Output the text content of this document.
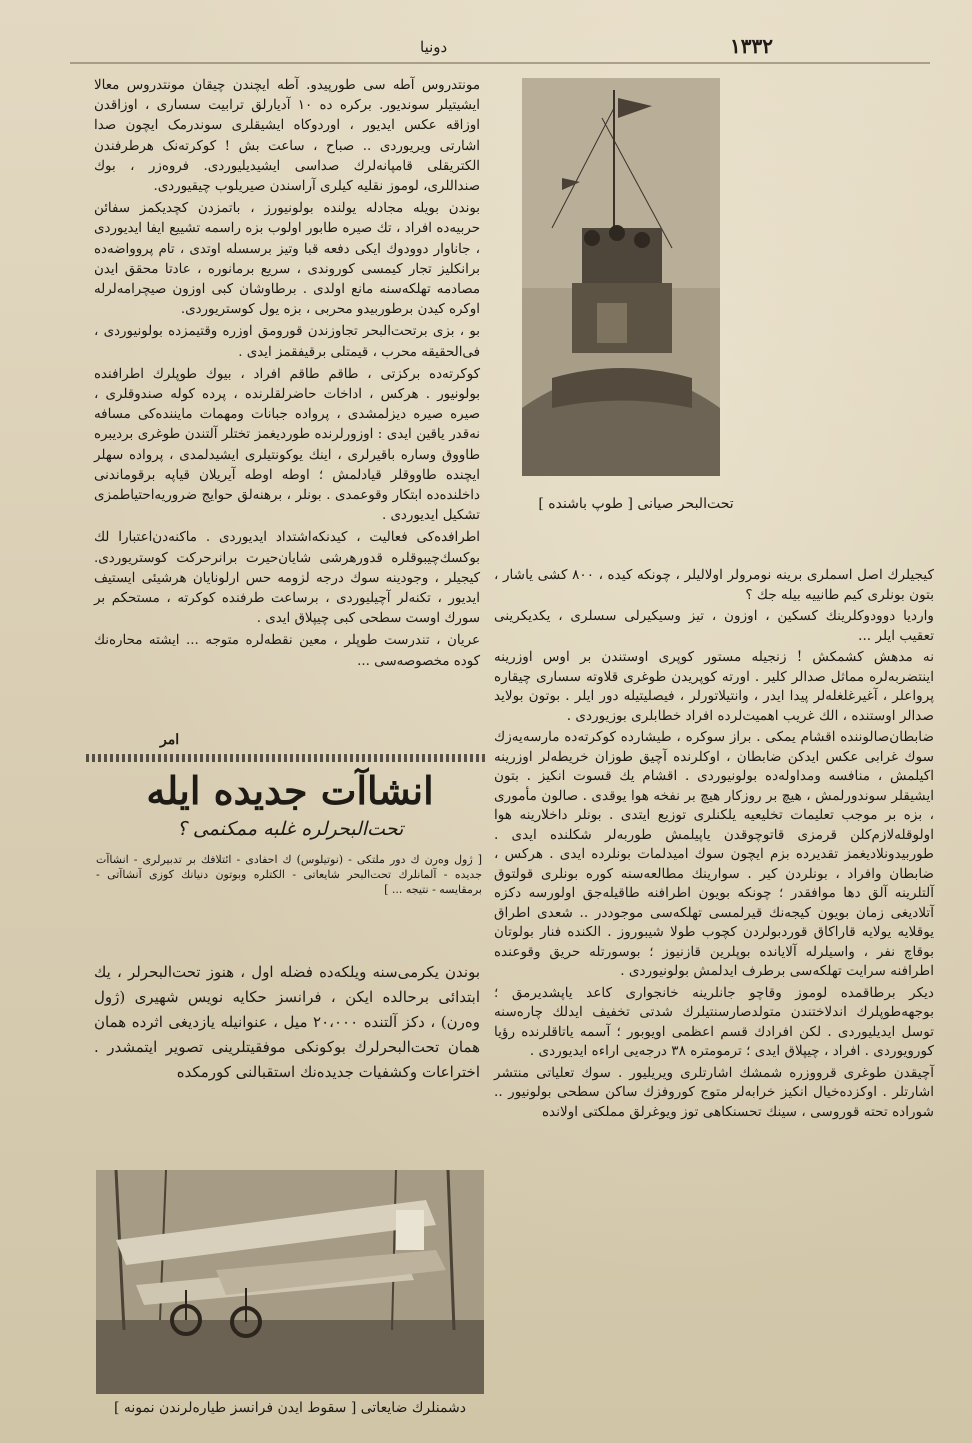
١٣٣٢
دونيا

مونتدروس آطه سی طورپیدو. آطه ایچندن چیقان مونتدروس معالا ایشیتیلر سوندیور. برکره ده ۱۰ آدیارلق ترابیت سساری ، اوزاقدن اوزاقه عکس ایدیور ، اوردوکاه ایشیقلری سوندرمک ایچون صدا اشارتی ویریوردی .. صباح ، ساعت بش ! کوکرته‌نک هرطرفندن الکتریقلی قامپانه‌لرك صداسی ایشیدیلیوردی. فروه‌زر ، بوك صنداللری، لوموز نقلیه کیلری آراسندن صیریلوب چیقیوردی.

بوندن بویله مجادله یولنده بولونیورز ، باتمزدن کچدیکمز سفائن حربیه‌ده افراد ، تك صیره طابور اولوب بزه راسمه تشییع ایفا ایدیوردی ، جاناوار دوودوك ایکی دفعه قبا وتیز برسسله اوتدی ، تام پروواضه‌ده برانکلیز تجار کیمسی کوروندی ، سریع برمانوره ، عادتا محقق ایدن مصادمه تهلکه‌سنه مانع اولدی . برطاوشان کبی اوزون صیچرامه‌لرله اوکره کیدن برطوربیدو محربی ، بزه یول کوستریوردی.

بو ، بزی برتحت‌البحر تجاوزندن قورومق اوزره وقتیمزده بولونیوردی ، فی‌الحقیقه محرب ، قیمتلی برقیفقمز ایدی .

کوکرته‌ده برکزتی ، طاقم طاقم افراد ، بیوك طوپلرك اطرافنده بولونیور . هرکس ، اداخات حاضرلقلرنده ، پرده کوله صندوقلری ، صیره صیره دیزلمشدی ، پرواده جبانات ومهمات مایننده‌کی مسافه نه‌قدر یاقین ایدی : اوزورلرنده طوردیغمز تختلر آلتندن طوغری بردیبره طاووق وساره باقیرلری ، اینك یوکونتیلری ایشیدلمدی ، پرواده سهلر ایچنده طاووقلر قیادلمش ؛ اوطه اوطه آیریلان قیاپه برقوماندنی داخلنده‌ده ابتکار وقوعمدی . بونلر ، برهنه‌لق حوایج ضروریه‌احتیاطمزی تشکیل ایدیوردی .

اطرافده‌کی فعالیت ، کیدنکه‌اشتداد ایدیوردی . ماکنه‌دن‌اعتبارا لك بوکسك‌چیبوقلره قدورهرشی شایان‌حیرت برانرحرکت کوستریوردی. کیجیلر ، وجودینه سوك درجه لزومه حس ارلونایان هرشیئی ایستیف ایدیور ، تکنه‌لر آچیلیوردی ، برساعت طرفنده کوکرته ، مستحکم بر سورك اوست سطحی کبی چیپلاق ایدی .

عریان ، تندرست طوپلر ، معین نقطه‌لره متوجه ... ایشته محاره‌نك کوده مخصوصه‌سی ...

امر
انشاآت جدیده ایله
تحت‌البحرلره غلبه ممکنمی ؟
[ ژول وه‌رن ك دور ملتکی - (نوتیلوس) ك احفادی - ائتلافك بر تدبیرلری - انشاآت جدیده - آلمانلرك تحت‌البحر شایعاتی - الکتلره وبوتون دنیانك کوزی آنشاآتی - برمقایسه - نتیجه ... ]

بوندن یکرمی‌سنه ویلکه‌ده فضله اول ، هنوز تحت‌البحرلر ، یك ابتدائی برحالده ایکن ، فرانسز حکایه نویس شهیری (ژول وه‌رن) ، دکز آلتنده ۲۰،۰۰۰ میل ، عنوانیله یازدیغی اثرده همان همان تحت‌البحرلرك بوکونکی موفقیتلرینی تصویر ایتمشدر . اختراعات وکشفیات جدیده‌نك استقبالنی کورمکده

تحت‌البحر صیانی [ طوپ باشنده ]

کیجیلرك اصل اسملری برینه نومرولر اولالیلر ، چونکه کیده ، ۸۰۰ کشی یاشار ، بتون بونلری کیم طانییه بیله جك ؟

واردیا دوودوکلرینك کسکین ، اوزون ، تیز وسیکیرلی سسلری ، یکدیکرینی تعقیب ایلر ...

نه مدهش کشمکش ! زنجیله مستور کوپری اوستندن بر اوس اوزرینه اینتضربه‌لره مماثل صدالر کلیر . اورته کوپریدن طوغری قلاوته سساری چیقاره پرواعلر ، آغیرغلغله‌لر پیدا ایدر ، وانتیلاتورلر ، فیصلیتیله دور ایلر . بوتون بولاید صدالر اوستنده ، الك غریب اهمیت‌لرده افراد خطابلری بوزیوردی .

ضابطان‌صالوننده اقشام یمکی . براز سوکره ، طیشارده کوکرته‌ده مارسه‌یه‌زك سوك غرابی عکس ایدکن ضابطان ، اوکلرنده آچیق طوزان خریطه‌لر اوزرینه اکیلمش ، منافسه ومداوله‌ده بولونیوردی . اقشام یك قسوت انکیز . بتون ایشیقلر سوندورلمش ، هیچ بر روزکار هیچ بر نفخه هوا یوقدی . صالون مأموری ، بزه بر موجب تعلیمات تخلیعیه یلکنلری توزیع ایتدی . بونلر داخلارینه هوا اولوقله‌لازم‌کلن قرمزی قاتوچوقدن یاپیلمش طوربه‌لر شکلنده ایدی . طوربیدونلادیغمز تقدیرده بزم ایچون سوك امیدلمات بونلرده ایدی . هرکس ، ضابطان وافراد ، بونلردن کیر . سوارینك مطالعه‌سنه کوره بونلری قولتوق آلتلرینه آلق دها موافقدر ؛ چونکه بویون اطرافنه طاقیله‌جق اولورسه دکزه آتلادیغی زمان بویون کیجه‌نك قیرلمسی تهلکه‌سی موجوددر .. شعدی اطراق یوقلایه یولایه قاراکاق قوردبولردن کچوب طولا شیبوروز . الکنده فنار بولوتان بوقاچ نفر ، واسیلرله آلایانده بوپلرین قازنیوز ؛ بوسورتله حریق وقوعنده اطرافنه سرایت تهلکه‌سی برطرف ایدلمش بولونیوردی .

دیکر برطاقمده لوموز وقاچو جانلرینه خانجواری کاعد یاپشدیرمق ؛ بوجهه‌طوپلرك اندلاختندن متولدصارسنتیلرك شدتی تخفیف ایدلك چاره‌سنه توسل ایدیلیوردی . لکن افرادك قسم اعظمی اویوبور ؛ آسمه یاتاقلرنده رؤیا کورویوردی . افراد ، چیپلاق ایدی ؛ ترمومتره ۳۸ درجه‌یی اراءه ایدیوردی .

آچیقدن طوغری قرووزره شمشك اشارتلری ویریلیور . سوك تعلیاتی منتشر اشارتلر . اوکزده‌خیال انکیز خرابه‌لر متوج کوروفزك ساکن سطحی بولونیور .. شوراده تحته قوروسی ، سینك تحسنکاهی توز ویوغرلق مملکتی اولانده

دشمنلرك ضایعاتی [ سقوط ایدن فرانسز طیاره‌لرندن نمونه ]
